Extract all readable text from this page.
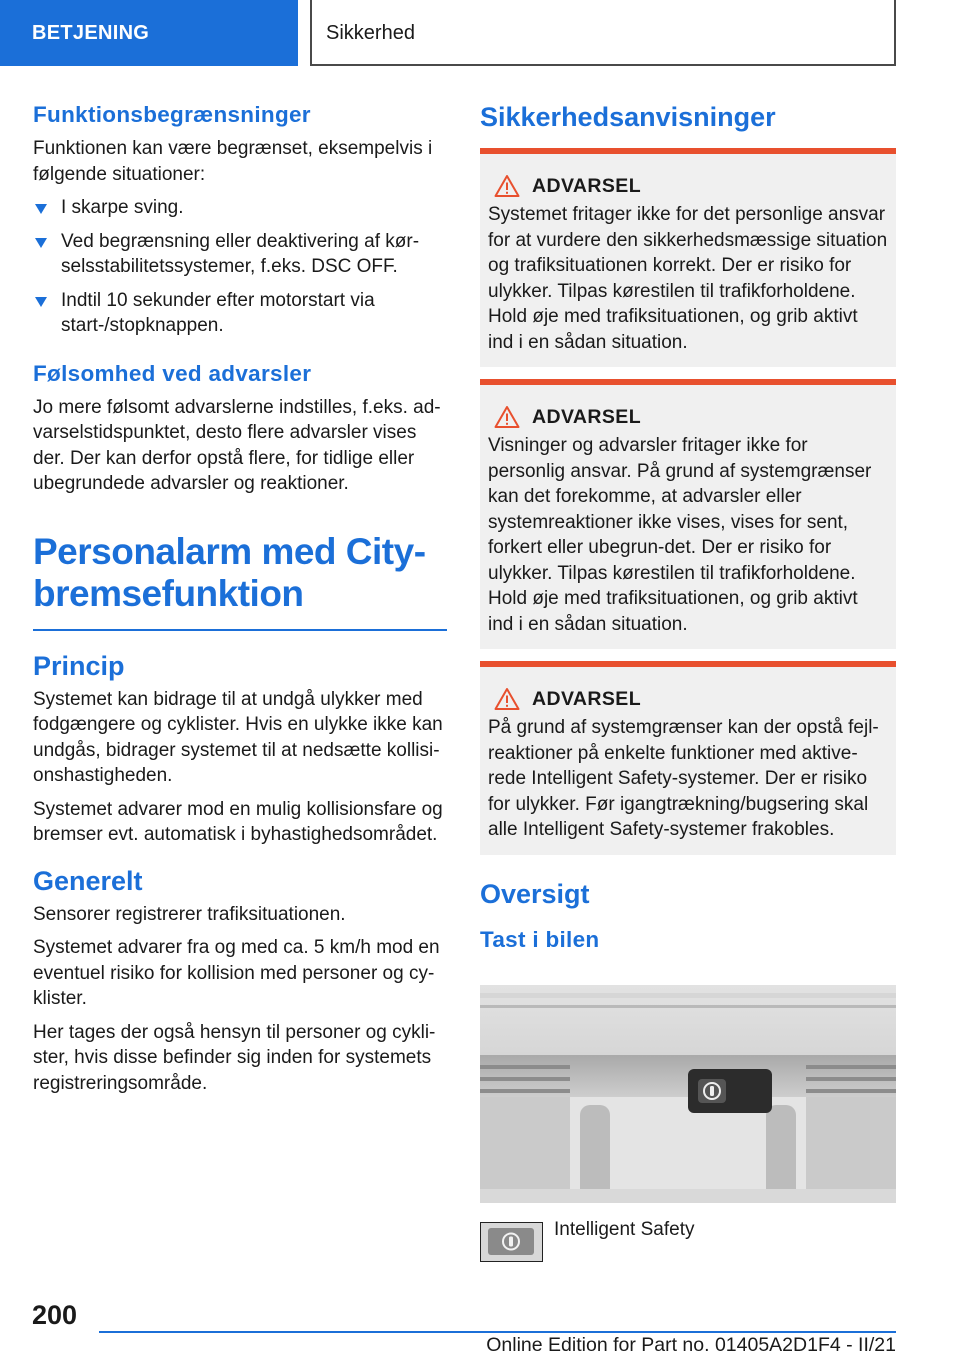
BETJENING	Sikkerhed
Funktionsbegrænsninger

Funktionen kan være begrænset, eksempelvis i følgende situationer:

I skarpe sving.
Ved begrænsning eller deaktivering af kør-selsstabilitetssystemer, f.eks. DSC OFF.
Indtil 10 sekunder efter motorstart via start-/stopknappen.
Følsomhed ved advarsler

Jo mere følsomt advarslerne indstilles, f.eks. ad-varselstidspunktet, desto flere advarsler vises der. Der kan derfor opstå flere, for tidlige eller ubegrundede advarsler og reaktioner.

Personalarm med City-
bremsefunktion
Princip

Systemet kan bidrage til at undgå ulykker med fodgængere og cyklister. Hvis en ulykke ikke kan undgås, bidrager systemet til at nedsætte kollisi-onshastigheden.

Systemet advarer mod en mulig kollisionsfare og bremser evt. automatisk i byhastighedsområdet.

Generelt

Sensorer registrerer trafiksituationen.

Systemet advarer fra og med ca. 5 km/h mod en eventuel risiko for kollision med personer og cy-klister.

Her tages der også hensyn til personer og cykli-ster, hvis disse befinder sig inden for systemets registreringsområde.

Sikkerhedsanvisninger
ADVARSEL

Systemet fritager ikke for det personlige ansvar for at vurdere den sikkerhedsmæssige situation og trafiksituationen korrekt. Der er risiko for ulykker. Tilpas kørestilen til trafikforholdene. Hold øje med trafiksituationen, og grib aktivt ind i en sådan situation.

ADVARSEL

Visninger og advarsler fritager ikke for personlig ansvar. På grund af systemgrænser kan det forekomme, at advarsler eller systemreaktioner ikke vises, vises for sent, forkert eller ubegrun-det. Der er risiko for ulykker. Tilpas kørestilen til trafikforholdene. Hold øje med trafiksituationen, og grib aktivt ind i en sådan situation.

ADVARSEL

På grund af systemgrænser kan der opstå fejl-reaktioner på enkelte funktioner med aktive-rede Intelligent Safety-systemer. Der er risiko for ulykker. Før igangtrækning/bugsering skal alle Intelligent Safety-systemer frakobles.

Oversigt
Tast i bilen
Intelligent Safety
200
Online Edition for Part no. 01405A2D1F4 - II/21
